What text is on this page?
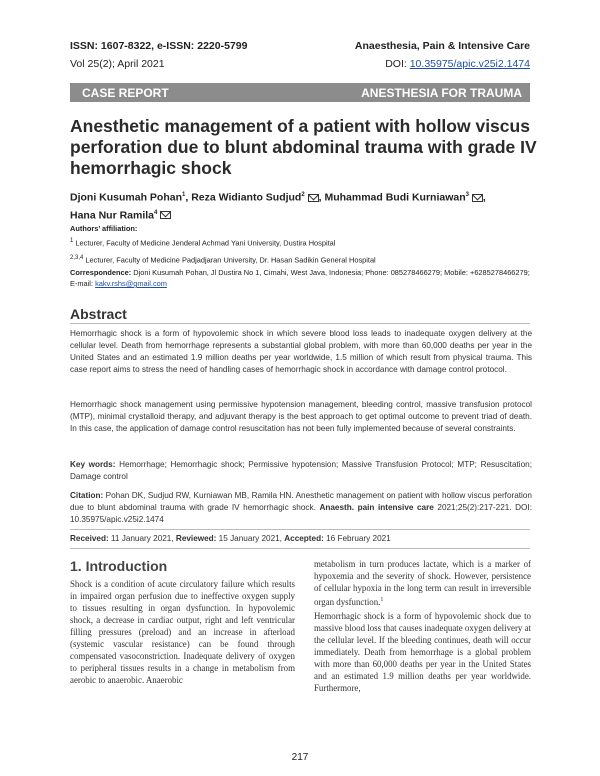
ISSN: 1607-8322, e-ISSN: 2220-5799	Anaesthesia, Pain & Intensive Care
Vol 25(2); April 2021	DOI: 10.35975/apic.v25i2.1474
CASE REPORT	ANESTHESIA FOR TRAUMA
Anesthetic management of a patient with hollow viscus perforation due to blunt abdominal trauma with grade IV hemorrhagic shock
Djoni Kusumah Pohan$^1$, Reza Widianto Sudjud$^2$ , Muhammad Budi Kurniawan$^3$ ,
Hana Nur Ramila$^4$
Authors’ affiliation:
$^1$ Lecturer, Faculty of Medicine Jenderal Achmad Yani University, Dustira Hospital
$^{2,3,4}$ Lecturer, Faculty of Medicine Padjadjaran University, Dr. Hasan Sadikin General Hospital
Correspondence: Djoni Kusumah Pohan, Jl Dustira No 1, Cimahi, West Java, Indonesia; Phone: 085278466279; Mobile: +6285278466279; E-mail: kakv.rshs@gmail.com
Abstract

Hemorrhagic shock is a form of hypovolemic shock in which severe blood loss leads to inadequate oxygen delivery at the cellular level. Death from hemorrhage represents a substantial global problem, with more than 60,000 deaths per year in the United States and an estimated 1.9 million deaths per year worldwide, 1.5 million of which result from physical trauma. This case report aims to stress the need of handling cases of hemorrhagic shock in accordance with damage control protocol.

Hemorrhagic shock management using permissive hypotension management, bleeding control, massive transfusion protocol (MTP), minimal crystalloid therapy, and adjuvant therapy is the best approach to get optimal outcome to prevent triad of death. In this case, the application of damage control resuscitation has not been fully implemented because of several constraints.

Key words: Hemorrhage; Hemorrhagic shock; Permissive hypotension; Massive Transfusion Protocol; MTP; Resuscitation; Damage control

Citation: Pohan DK, Sudjud RW, Kurniawan MB, Ramila HN. Anesthetic management on patient with hollow viscus perforation due to blunt abdominal trauma with grade IV hemorrhagic shock. Anaesth. pain intensive care 2021;25(2):217-221. DOI: 10.35975/apic.v25i2.1474

Received: 11 January 2021, Reviewed: 15 January 2021, Accepted: 16 February 2021

1. Introduction

Shock is a condition of acute circulatory failure which results in impaired organ perfusion due to ineffective oxygen supply to tissues resulting in organ dysfunction. In hypovolemic shock, a decrease in cardiac output, right and left ventricular filling pressures (preload) and an increase in afterload (systemic vascular resistance) can be found through compensated vasoconstriction. Inadequate delivery of oxygen to peripheral tissues results in a change in metabolism from aerobic to anaerobic. Anaerobic

metabolism in turn produces lactate, which is a marker of hypoxemia and the severity of shock. However, persistence of cellular hypoxia in the long term can result in irreversible organ dysfunction.$^1$

Hemorrhagic shock is a form of hypovolemic shock due to massive blood loss that causes inadequate oxygen delivery at the cellular level. If the bleeding continues, death will occur immediately. Death from hemorrhage is a global problem with more than 60,000 deaths per year in the United States and an estimated 1.9 million deaths per year worldwide. Furthermore,

217
